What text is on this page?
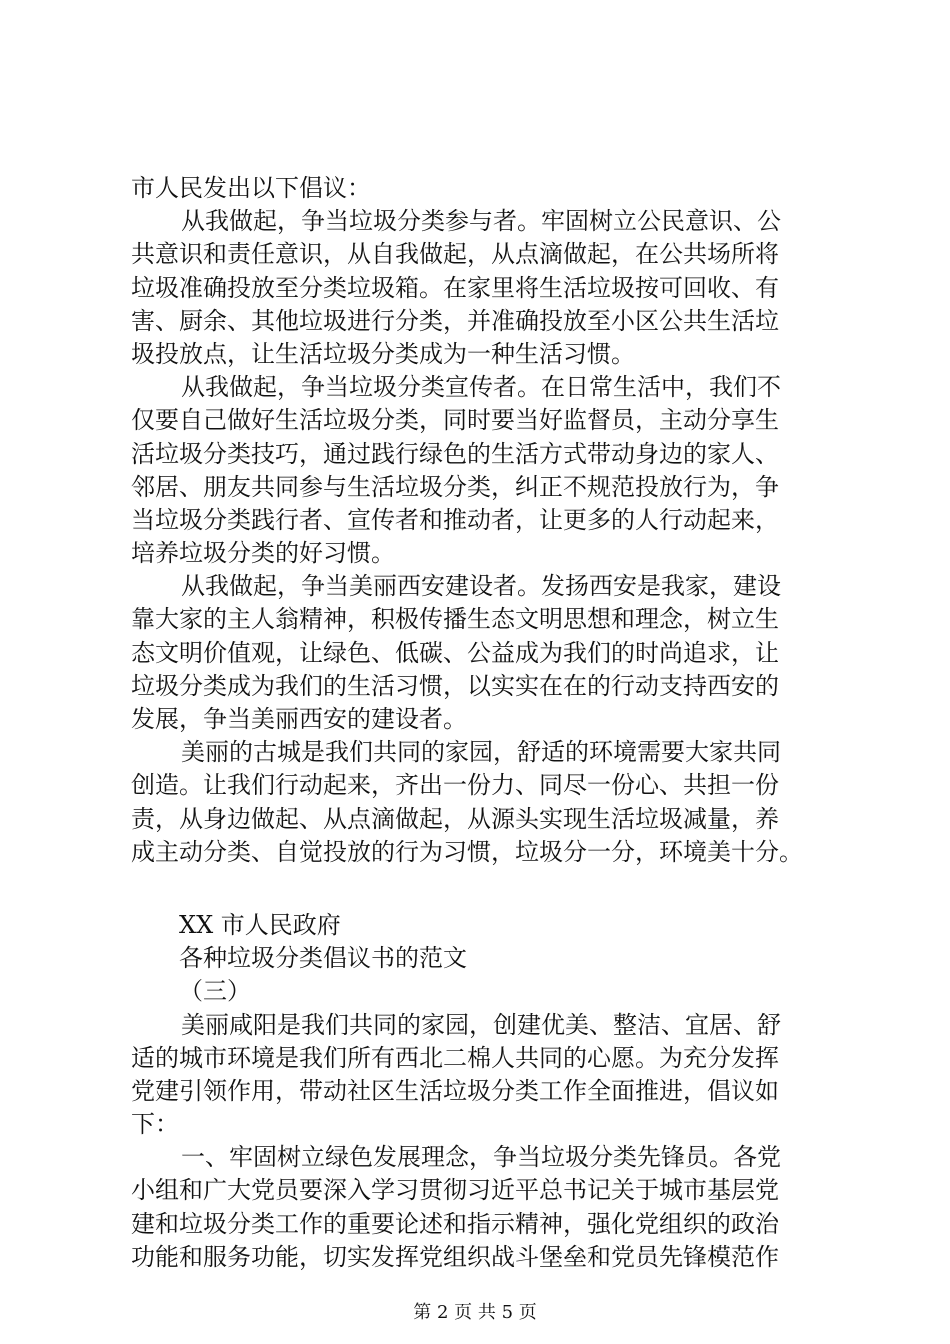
市人民发出以下倡议：
从我做起，争当垃圾分类参与者。牢固树立公民意识、公
共意识和责任意识，从自我做起，从点滴做起，在公共场所将
垃圾准确投放至分类垃圾箱。在家里将生活垃圾按可回收、有
害、厨余、其他垃圾进行分类，并准确投放至小区公共生活垃
圾投放点，让生活垃圾分类成为一种生活习惯。
从我做起，争当垃圾分类宣传者。在日常生活中，我们不
仅要自己做好生活垃圾分类，同时要当好监督员，主动分享生
活垃圾分类技巧，通过践行绿色的生活方式带动身边的家人、
邻居、朋友共同参与生活垃圾分类，纠正不规范投放行为，争
当垃圾分类践行者、宣传者和推动者，让更多的人行动起来，
培养垃圾分类的好习惯。
从我做起，争当美丽西安建设者。发扬西安是我家，建设
靠大家的主人翁精神，积极传播生态文明思想和理念，树立生
态文明价值观，让绿色、低碳、公益成为我们的时尚追求，让
垃圾分类成为我们的生活习惯，以实实在在的行动支持西安的
发展，争当美丽西安的建设者。
美丽的古城是我们共同的家园，舒适的环境需要大家共同
创造。让我们行动起来，齐出一份力、同尽一份心、共担一份
责，从身边做起、从点滴做起，从源头实现生活垃圾减量，养
成主动分类、自觉投放的行为习惯，垃圾分一分，环境美十分。
XX 市人民政府
各种垃圾分类倡议书的范文
（三）
美丽咸阳是我们共同的家园，创建优美、整洁、宜居、舒
适的城市环境是我们所有西北二棉人共同的心愿。为充分发挥
党建引领作用，带动社区生活垃圾分类工作全面推进，倡议如
下：
一、牢固树立绿色发展理念，争当垃圾分类先锋员。各党
小组和广大党员要深入学习贯彻习近平总书记关于城市基层党
建和垃圾分类工作的重要论述和指示精神，强化党组织的政治
功能和服务功能，切实发挥党组织战斗堡垒和党员先锋模范作
第 2 页 共 5 页
